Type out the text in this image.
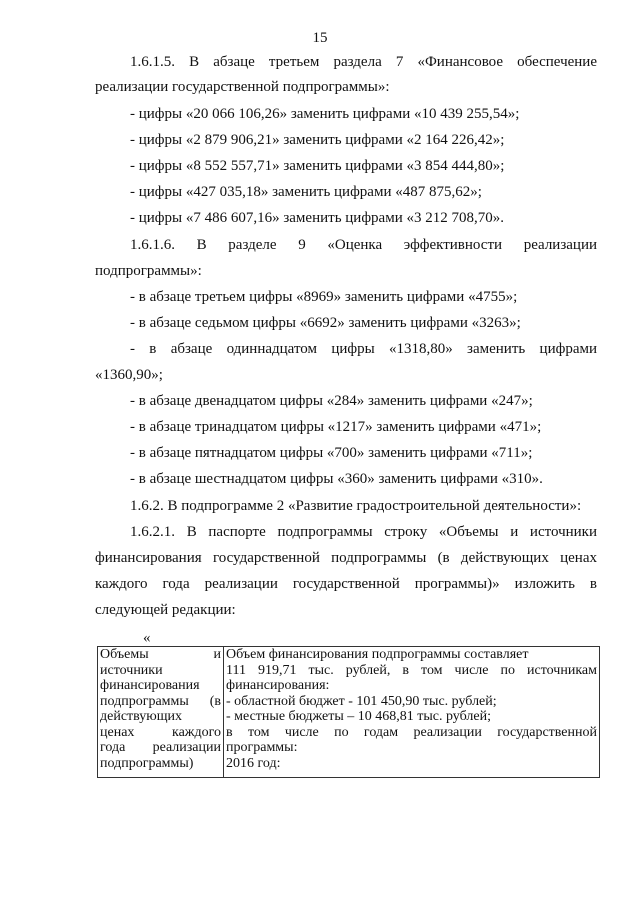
15
1.6.1.5. В абзаце третьем раздела 7 «Финансовое обеспечение
реализации государственной подпрограммы»:
- цифры «20 066 106,26» заменить цифрами «10 439 255,54»;
- цифры «2 879 906,21» заменить цифрами «2 164 226,42»;
- цифры «8 552 557,71» заменить цифрами «3 854 444,80»;
- цифры «427 035,18» заменить цифрами «487 875,62»;
- цифры «7 486 607,16» заменить цифрами «3 212 708,70».
1.6.1.6. В разделе 9 «Оценка эффективности реализации
подпрограммы»:
- в абзаце третьем цифры «8969» заменить цифрами «4755»;
- в абзаце седьмом цифры «6692» заменить цифрами «3263»;
- в абзаце одиннадцатом цифры «1318,80» заменить цифрами
«1360,90»;
- в абзаце двенадцатом цифры «284» заменить цифрами «247»;
- в абзаце тринадцатом цифры «1217» заменить цифрами «471»;
- в абзаце пятнадцатом цифры «700» заменить цифрами «711»;
- в абзаце шестнадцатом цифры «360» заменить цифрами «310».
1.6.2. В подпрограмме 2 «Развитие градостроительной деятельности»:
1.6.2.1. В паспорте подпрограммы строку «Объемы и источники
финансирования государственной подпрограммы (в действующих ценах
каждого года реализации государственной программы)» изложить в
следующей редакции:
«
Объемы и
источники
финансирования
подпрограммы (в
действующих
ценах каждого
года реализации
подпрограммы)

Объем финансирования подпрограммы составляет
111 919,71 тыс. рублей, в том числе по источникам
финансирования:
- областной бюджет - 101 450,90 тыс. рублей;
- местные бюджеты – 10 468,81 тыс. рублей;
в том числе по годам реализации государственной
программы:
2016 год:
